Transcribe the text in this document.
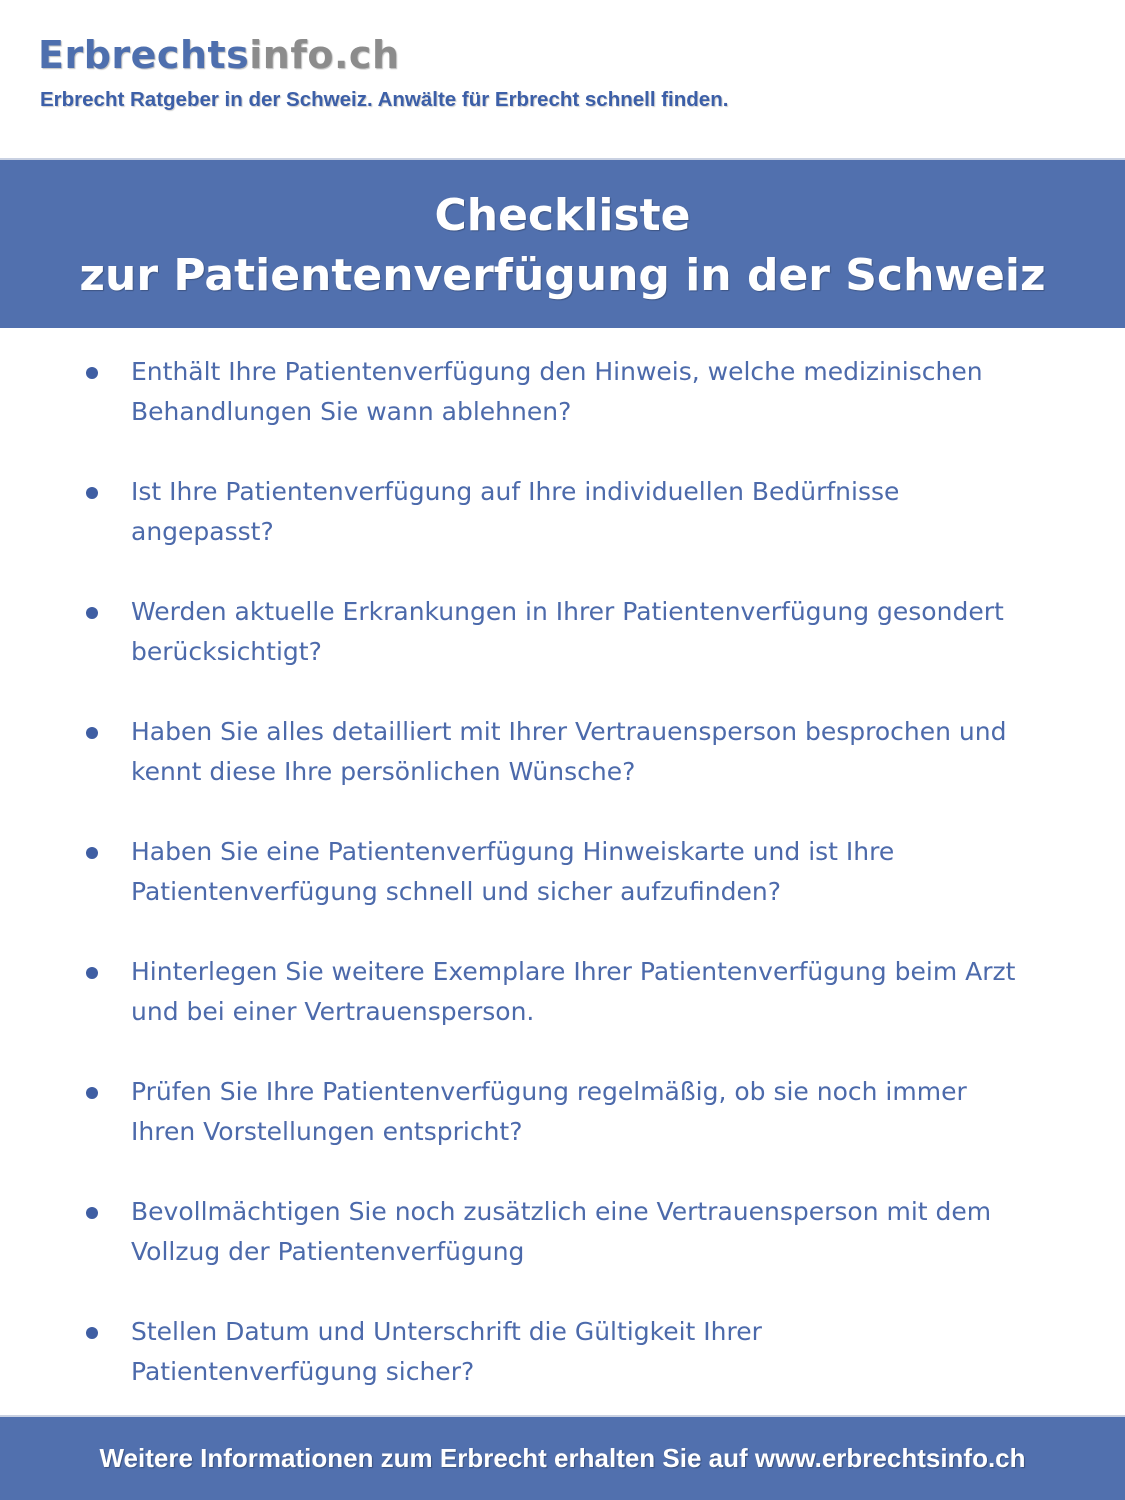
Erbrechtsinfo.ch
Erbrecht Ratgeber in der Schweiz. Anwälte für Erbrecht schnell finden.
Checkliste
zur Patientenverfügung in der Schweiz
Enthält Ihre Patientenverfügung den Hinweis, welche medizinischen
Behandlungen Sie wann ablehnen?
Ist Ihre Patientenverfügung auf Ihre individuellen Bedürfnisse
angepasst?
Werden aktuelle Erkrankungen in Ihrer Patientenverfügung gesondert
berücksichtigt?
Haben Sie alles detailliert mit Ihrer Vertrauensperson besprochen und
kennt diese Ihre persönlichen Wünsche?
Haben Sie eine Patientenverfügung Hinweiskarte und ist Ihre
Patientenverfügung schnell und sicher aufzufinden?
Hinterlegen Sie weitere Exemplare Ihrer Patientenverfügung beim Arzt
und bei einer Vertrauensperson.
Prüfen Sie Ihre Patientenverfügung regelmäßig, ob sie noch immer
Ihren Vorstellungen entspricht?
Bevollmächtigen Sie noch zusätzlich eine Vertrauensperson mit dem
Vollzug der Patientenverfügung
Stellen Datum und Unterschrift die Gültigkeit Ihrer
Patientenverfügung sicher?
Weitere Informationen zum Erbrecht erhalten Sie auf www.erbrechtsinfo.ch
